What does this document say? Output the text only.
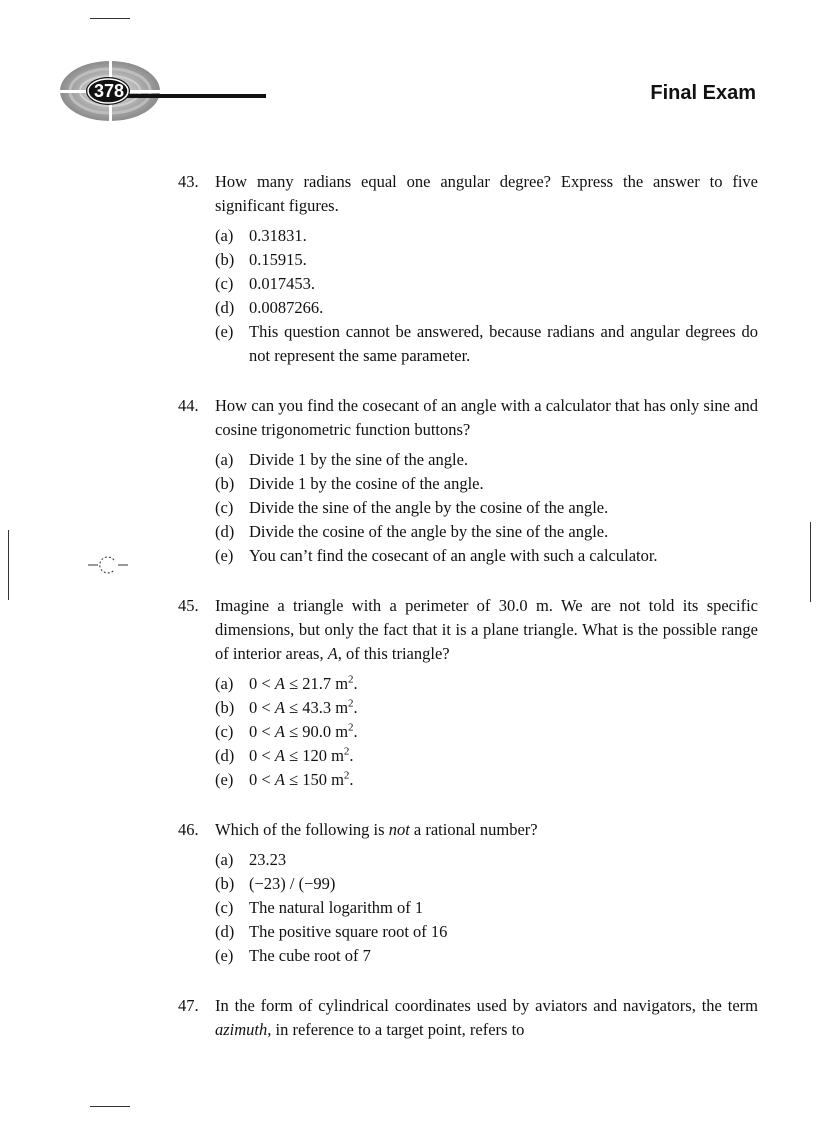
378	Final Exam
43. How many radians equal one angular degree? Express the answer to five significant figures.
(a) 0.31831.
(b) 0.15915.
(c) 0.017453.
(d) 0.0087266.
(e) This question cannot be answered, because radians and angular degrees do not represent the same parameter.
44. How can you find the cosecant of an angle with a calculator that has only sine and cosine trigonometric function buttons?
(a) Divide 1 by the sine of the angle.
(b) Divide 1 by the cosine of the angle.
(c) Divide the sine of the angle by the cosine of the angle.
(d) Divide the cosine of the angle by the sine of the angle.
(e) You can’t find the cosecant of an angle with such a calculator.
45. Imagine a triangle with a perimeter of 30.0 m. We are not told its specific dimensions, but only the fact that it is a plane triangle. What is the possible range of interior areas, A, of this triangle?
(a) 0 < A ≤ 21.7 $m^2$.
(b) 0 < A ≤ 43.3 $m^2$.
(c) 0 < A ≤ 90.0 $m^2$.
(d) 0 < A ≤ 120 $m^2$.
(e) 0 < A ≤ 150 $m^2$.
46. Which of the following is not a rational number?
(a) 23.23
(b) (−23) / (−99)
(c) The natural logarithm of 1
(d) The positive square root of 16
(e) The cube root of 7
47. In the form of cylindrical coordinates used by aviators and navigators, the term azimuth, in reference to a target point, refers to
